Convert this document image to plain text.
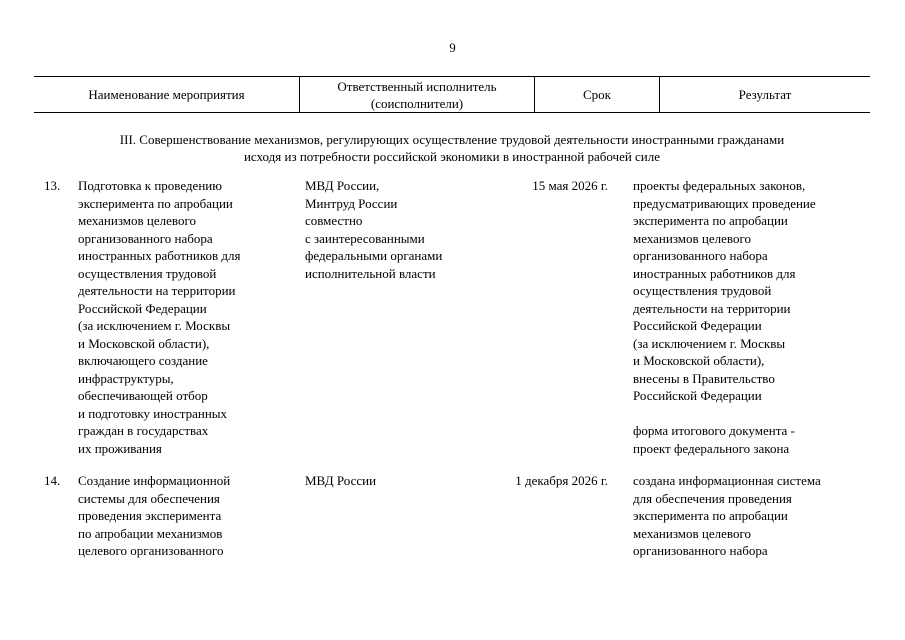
9
Наименование мероприятия
Ответственный исполнитель
(соисполнители)
Срок	Результат
III. Совершенствование механизмов, регулирующих осуществление трудовой деятельности иностранными гражданами
исходя из потребности российской экономики в иностранной рабочей силе
13. Подготовка к проведению
эксперимента по апробации
механизмов целевого
организованного набора
иностранных работников для
осуществления трудовой
деятельности на территории
Российской Федерации
(за исключением г. Москвы
и Московской области),
включающего создание
инфраструктуры,
обеспечивающей отбор
и подготовку иностранных
граждан в государствах
их проживания
МВД России,
Минтруд России
совместно
с заинтересованными
федеральными органами
исполнительной власти
15 мая 2026 г. проекты федеральных законов,
предусматривающих проведение
эксперимента по апробации
механизмов целевого
организованного набора
иностранных работников для
осуществления трудовой
деятельности на территории
Российской Федерации
(за исключением г. Москвы
и Московской области),
внесены в Правительство
Российской Федерации
форма итогового документа -
проект федерального закона
14. Создание информационной
системы для обеспечения
проведения эксперимента
по апробации механизмов
целевого организованного
МВД России	1 декабря 2026 г. создана информационная система
для обеспечения проведения
эксперимента по апробации
механизмов целевого
организованного набора
